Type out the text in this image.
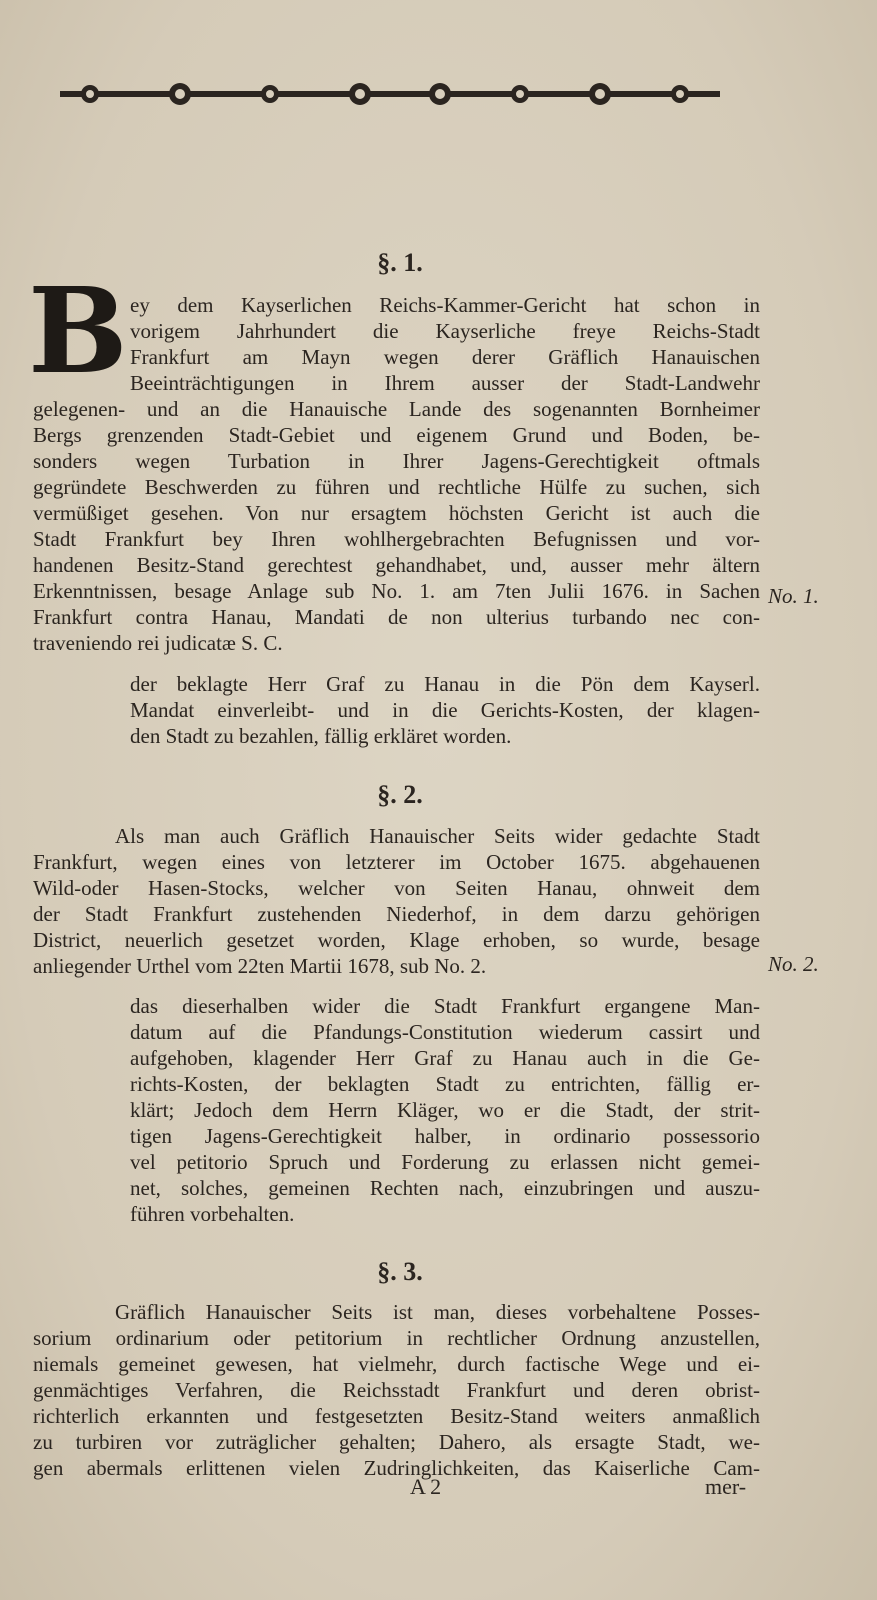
§. 1.
B ey dem Kayserlichen Reichs-Kammer-Gericht hat schon in
vorigem Jahrhundert die Kayserliche freye Reichs-Stadt
Frankfurt am Mayn wegen derer Gräflich Hanauischen
Beeinträchtigungen in Ihrem ausser der Stadt-Landwehr
gelegenen- und an die Hanauische Lande des sogenannten Bornheimer
Bergs grenzenden Stadt-Gebiet und eigenem Grund und Boden, be-
sonders wegen Turbation in Ihrer Jagens-Gerechtigkeit oftmals
gegründete Beschwerden zu führen und rechtliche Hülfe zu suchen, sich
vermüßiget gesehen. Von nur ersagtem höchsten Gericht ist auch die
Stadt Frankfurt bey Ihren wohlhergebrachten Befugnissen und vor-
handenen Besitz-Stand gerechtest gehandhabet, und, ausser mehr ältern
Erkenntnissen, besage Anlage sub No. 1. am 7ten Julii 1676. in Sachen
Frankfurt contra Hanau, Mandati de non ulterius turbando nec con-
traveniendo rei judicatæ S. C.
No. 1.
der beklagte Herr Graf zu Hanau in die Pön dem Kayserl.
Mandat einverleibt- und in die Gerichts-Kosten, der klagen-
den Stadt zu bezahlen, fällig erkläret worden.
§. 2.
Als man auch Gräflich Hanauischer Seits wider gedachte Stadt
Frankfurt, wegen eines von letzterer im October 1675. abgehauenen
Wild-oder Hasen-Stocks, welcher von Seiten Hanau, ohnweit dem
der Stadt Frankfurt zustehenden Niederhof, in dem darzu gehörigen
District, neuerlich gesetzet worden, Klage erhoben, so wurde, besage
anliegender Urthel vom 22ten Martii 1678, sub No. 2.	No. 2.
das dieserhalben wider die Stadt Frankfurt ergangene Man-
datum auf die Pfandungs-Constitution wiederum cassirt und
aufgehoben, klagender Herr Graf zu Hanau auch in die Ge-
richts-Kosten, der beklagten Stadt zu entrichten, fällig er-
klärt; Jedoch dem Herrn Kläger, wo er die Stadt, der strit-
tigen Jagens-Gerechtigkeit halber, in ordinario possessorio
vel petitorio Spruch und Forderung zu erlassen nicht gemei-
net, solches, gemeinen Rechten nach, einzubringen und auszu-
führen vorbehalten.
§. 3.
Gräflich Hanauischer Seits ist man, dieses vorbehaltene Posses-
sorium ordinarium oder petitorium in rechtlicher Ordnung anzustellen,
niemals gemeinet gewesen, hat vielmehr, durch factische Wege und ei-
genmächtiges Verfahren, die Reichsstadt Frankfurt und deren obrist-
richterlich erkannten und festgesetzten Besitz-Stand weiters anmaßlich
zu turbiren vor zuträglicher gehalten; Dahero, als ersagte Stadt, we-
gen abermals erlittenen vielen Zudringlichkeiten, das Kaiserliche Cam-
A 2	mer-
